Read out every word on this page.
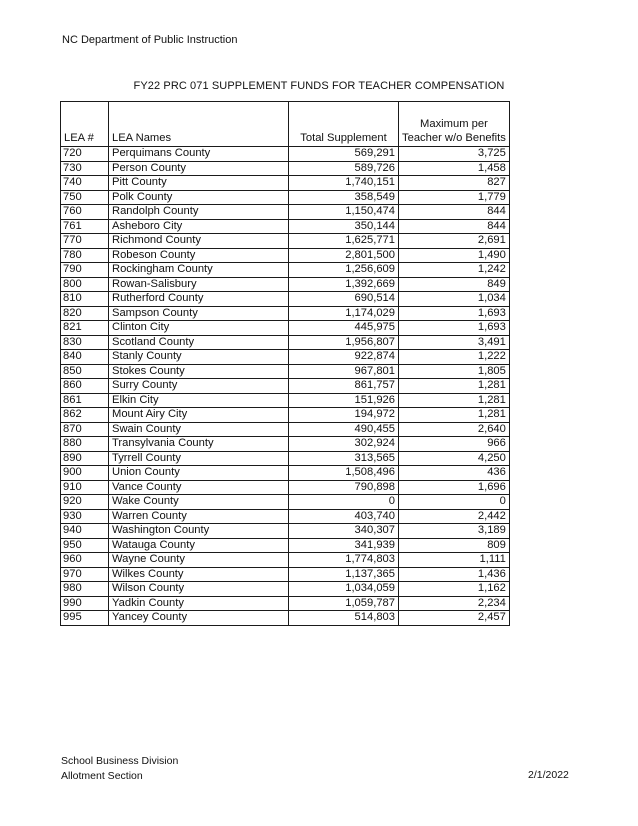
NC Department of Public Instruction
FY22 PRC 071 SUPPLEMENT FUNDS FOR TEACHER COMPENSATION
LEA #	LEA Names	Total Supplement	Maximum per
Teacher w/o Benefits

720	Perquimans County	569,291	3,725
730	Person County	589,726	1,458
740	Pitt County	1,740,151	827
750	Polk County	358,549	1,779
760	Randolph County	1,150,474	844
761	Asheboro City	350,144	844
770	Richmond County	1,625,771	2,691
780	Robeson County	2,801,500	1,490
790	Rockingham County	1,256,609	1,242
800	Rowan-Salisbury	1,392,669	849
810	Rutherford County	690,514	1,034
820	Sampson County	1,174,029	1,693
821	Clinton City	445,975	1,693
830	Scotland County	1,956,807	3,491
840	Stanly County	922,874	1,222
850	Stokes County	967,801	1,805
860	Surry County	861,757	1,281
861	Elkin City	151,926	1,281
862	Mount Airy City	194,972	1,281
870	Swain County	490,455	2,640
880	Transylvania County	302,924	966
890	Tyrrell County	313,565	4,250
900	Union County	1,508,496	436
910	Vance County	790,898	1,696
920	Wake County	0	0
930	Warren County	403,740	2,442
940	Washington County	340,307	3,189
950	Watauga County	341,939	809
960	Wayne County	1,774,803	1,111
970	Wilkes County	1,137,365	1,436
980	Wilson County	1,034,059	1,162
990	Yadkin County	1,059,787	2,234
995	Yancey County	514,803	2,457
School Business Division
Allotment Section	2/1/2022
